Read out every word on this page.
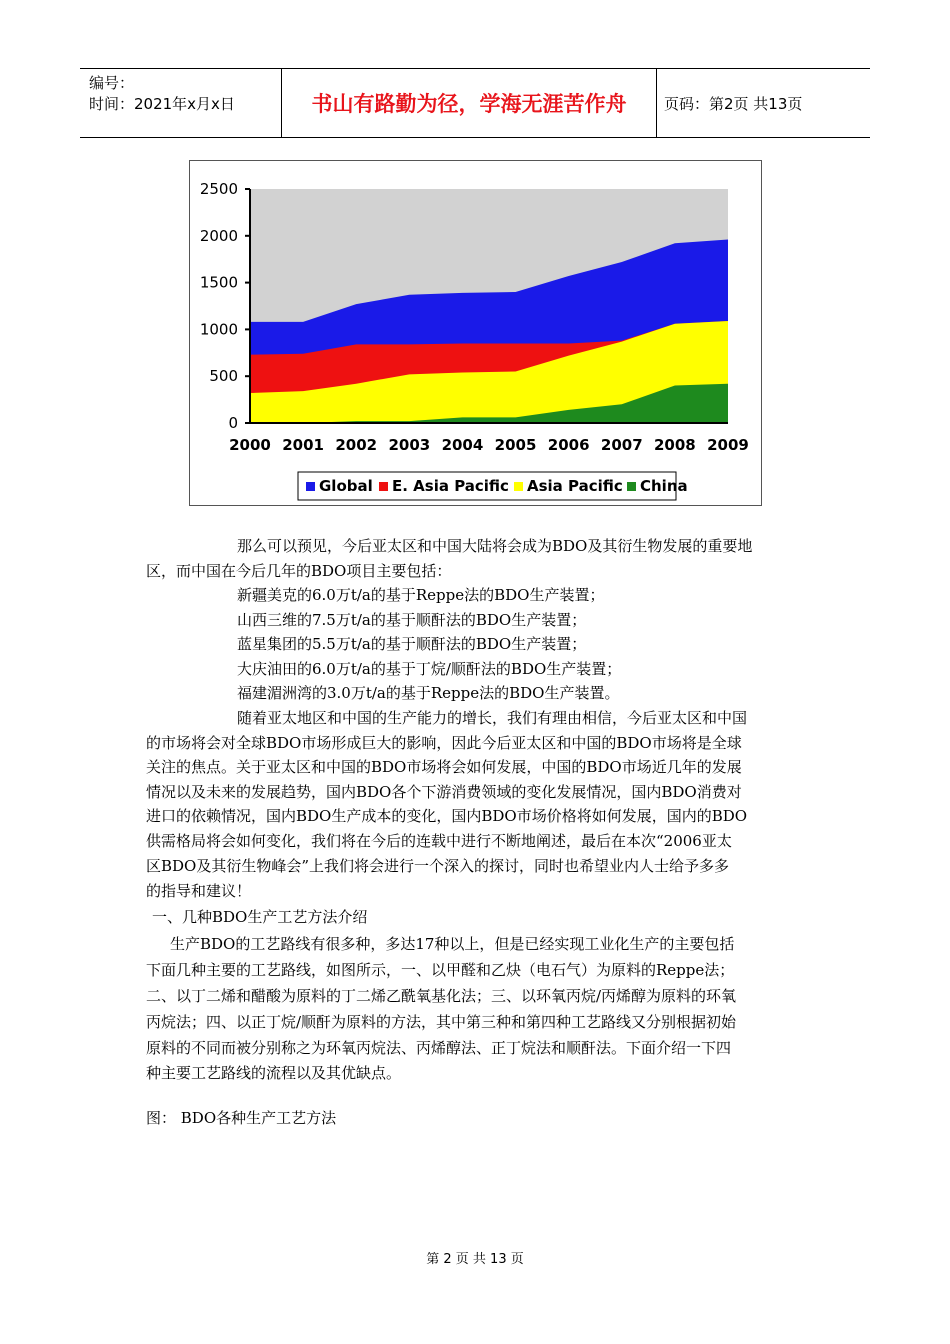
编号：
时间：2021年x月x日	书山有路勤为径，学海无涯苦作舟	页码：第2页 共13页
2500
2000
1500
1000
500
0
2000 2001 2002 2003 2004 2005 2006 2007 2008 2009
Global E. Asia Pacific Asia Pacific China
那么可以预见，今后亚太区和中国大陆将会成为BDO及其衍生物发展的重要地
区，而中国在今后几年的BDO项目主要包括：
新疆美克的6.0万t/a的基于Reppe法的BDO生产装置；
山西三维的7.5万t/a的基于顺酐法的BDO生产装置；
蓝星集团的5.5万t/a的基于顺酐法的BDO生产装置；
大庆油田的6.0万t/a的基于丁烷/顺酐法的BDO生产装置；
福建湄洲湾的3.0万t/a的基于Reppe法的BDO生产装置。
随着亚太地区和中国的生产能力的增长，我们有理由相信，今后亚太区和中国
的市场将会对全球BDO市场形成巨大的影响，因此今后亚太区和中国的BDO市场将是全球
关注的焦点。关于亚太区和中国的BDO市场将会如何发展，中国的BDO市场近几年的发展
情况以及未来的发展趋势，国内BDO各个下游消费领域的变化发展情况，国内BDO消费对
进口的依赖情况，国内BDO生产成本的变化，国内BDO市场价格将如何发展，国内的BDO
供需格局将会如何变化，我们将在今后的连载中进行不断地阐述，最后在本次“2006亚太
区BDO及其衍生物峰会”上我们将会进行一个深入的探讨，同时也希望业内人士给予多多
的指导和建议！
一、几种BDO生产工艺方法介绍
生产BDO的工艺路线有很多种，多达17种以上，但是已经实现工业化生产的主要包括
下面几种主要的工艺路线，如图所示，一、以甲醛和乙炔（电石气）为原料的Reppe法；
二、以丁二烯和醋酸为原料的丁二烯乙酰氧基化法；三、以环氧丙烷/丙烯醇为原料的环氧
丙烷法；四、以正丁烷/顺酐为原料的方法，其中第三种和第四种工艺路线又分别根据初始
原料的不同而被分别称之为环氧丙烷法、丙烯醇法、正丁烷法和顺酐法。下面介绍一下四
种主要工艺路线的流程以及其优缺点。
图： BDO各种生产工艺方法
第 2 页 共 13 页
